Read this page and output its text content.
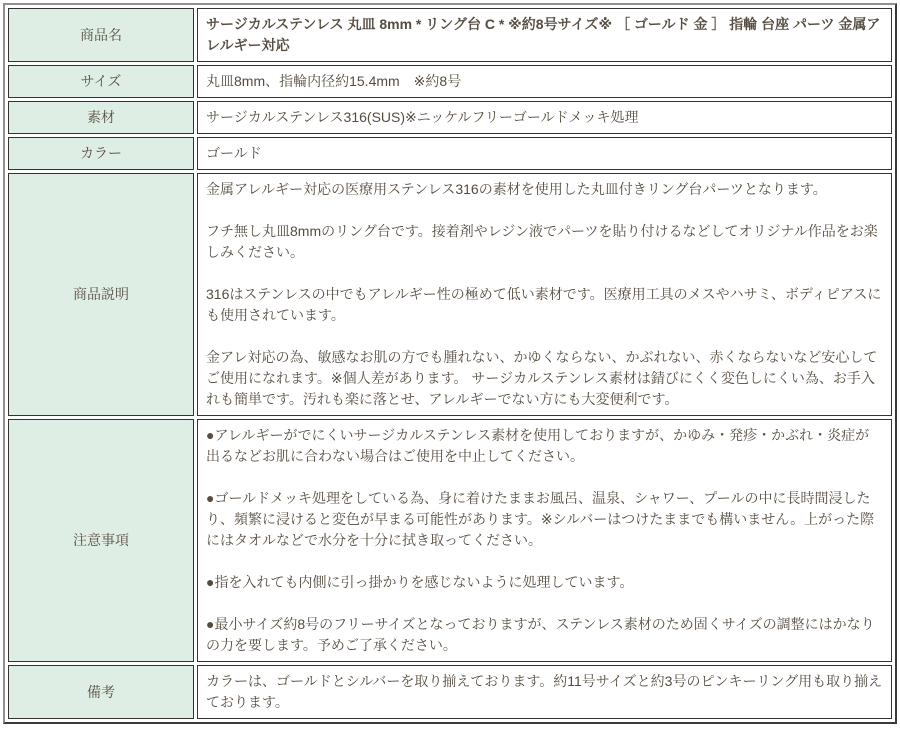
商品名	サージカルステンレス 丸皿 8mm * リング台 C * ※約8号サイズ※ ［ ゴールド 金 ］ 指輪 台座 パーツ 金属アレルギー対応

サイズ	丸皿8mm、指輪内径約15.4mm　※約8号

素材	サージカルステンレス316(SUS)※ニッケルフリーゴールドメッキ処理

カラー	ゴールド

商品説明	金属アレルギー対応の医療用ステンレス316の素材を使用した丸皿付きリング台パーツとなります。

フチ無し丸皿8mmのリング台です。接着剤やレジン液でパーツを貼り付けるなどしてオリジナル作品をお楽しみください。

316はステンレスの中でもアレルギー性の極めて低い素材です。医療用工具のメスやハサミ、ボディピアスにも使用されています。

金アレ対応の為、敏感なお肌の方でも腫れない、かゆくならない、かぶれない、赤くならないなど安心してご使用になれます。※個人差があります。 サージカルステンレス素材は錆びにくく変色しにくい為、お手入れも簡単です。汚れも楽に落とせ、アレルギーでない方にも大変便利です。

注意事項	●アレルギーがでにくいサージカルステンレス素材を使用しておりますが、かゆみ・発疹・かぶれ・炎症が出るなどお肌に合わない場合はご使用を中止してください。

●ゴールドメッキ処理をしている為、身に着けたままお風呂、温泉、シャワー、プールの中に長時間浸したり、頻繁に浸けると変色が早まる可能性があります。※シルバーはつけたままでも構いません。上がった際にはタオルなどで水分を十分に拭き取ってください。

●指を入れても内側に引っ掛かりを感じないように処理しています。

●最小サイズ約8号のフリーサイズとなっておりますが、ステンレス素材のため固くサイズの調整にはかなりの力を要します。予めご了承ください。

備考	カラーは、ゴールドとシルバーを取り揃えております。約11号サイズと約3号のピンキーリング用も取り揃えております。
